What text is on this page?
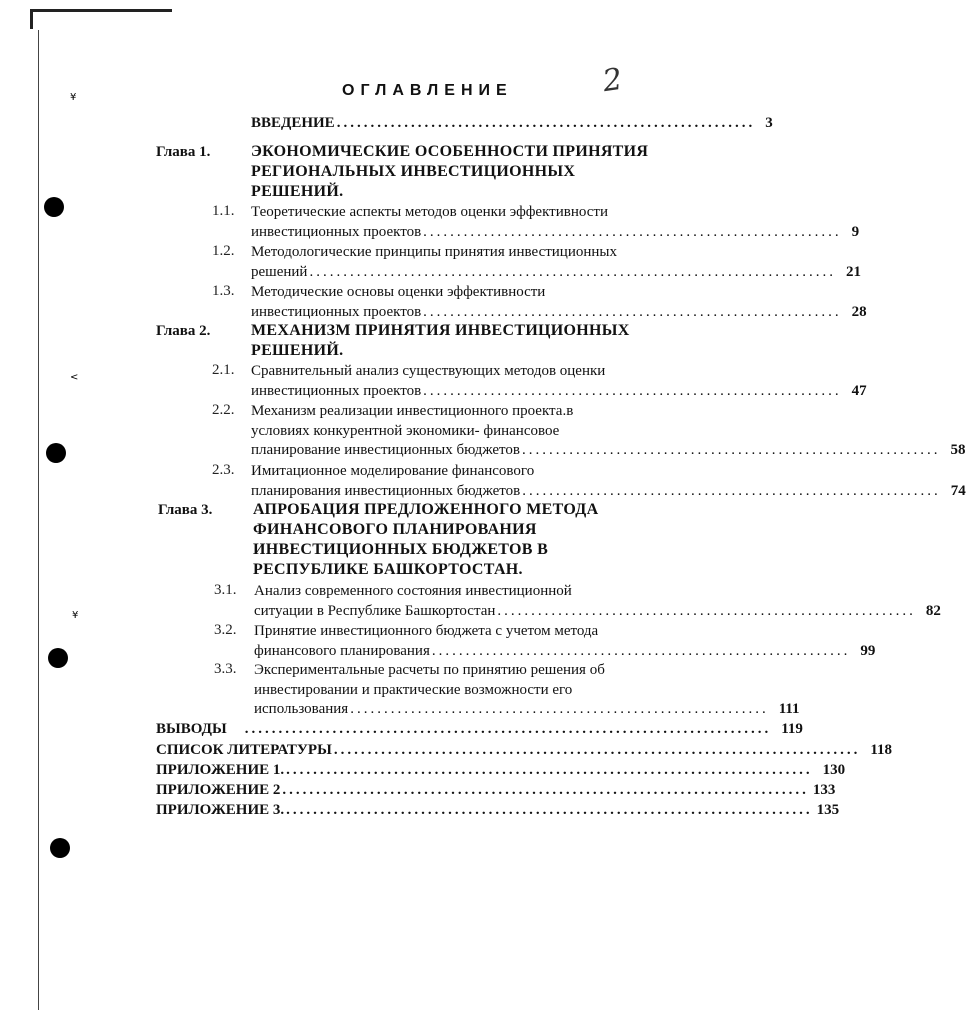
¥
<
¥
2
ОГЛАВЛЕНИЕ
ВВЕДЕНИЕ .............................................................. 3
Глава 1.	ЭКОНОМИЧЕСКИЕ ОСОБЕННОСТИ ПРИНЯТИЯ
РЕГИОНАЛЬНЫХ ИНВЕСТИЦИОННЫХ
РЕШЕНИЙ.
1.1. Теоретические аспекты методов оценки эффективности
инвестиционных проектов .............................................................. 9
1.2. Методологические принципы принятия инвестиционных
решений .............................................................................. 21
1.3. Методические основы оценки эффективности
инвестиционных проектов .............................................................. 28
Глава 2.	МЕХАНИЗМ ПРИНЯТИЯ ИНВЕСТИЦИОННЫХ
РЕШЕНИЙ.
2.1. Сравнительный анализ существующих методов оценки
инвестиционных проектов .............................................................. 47
2.2. Механизм реализации инвестиционного проекта.в
условиях конкурентной экономики- финансовое
планирование инвестиционных бюджетов .............................................................. 58
2.3. Имитационное моделирование финансового
планирования инвестиционных бюджетов .............................................................. 74
Глава 3.	АПРОБАЦИЯ ПРЕДЛОЖЕННОГО МЕТОДА
ФИНАНСОВОГО ПЛАНИРОВАНИЯ
ИНВЕСТИЦИОННЫХ БЮДЖЕТОВ В
РЕСПУБЛИКЕ БАШКОРТОСТАН.
3.1. Анализ современного состояния инвестиционной
ситуации в Республике Башкортостан .............................................................. 82
3.2. Принятие инвестиционного бюджета с учетом метода
финансового планирования .............................................................. 99
3.3. Экспериментальные расчеты по принятию решения об
инвестировании и практические возможности его
использования .............................................................. 111
ВЫВОДЫ	.............................................................................. 119
СПИСОК ЛИТЕРАТУРЫ .............................................................................. 118
ПРИЛОЖЕНИЕ 1. .............................................................................. 130
ПРИЛОЖЕНИЕ 2 .............................................................................. 133
ПРИЛОЖЕНИЕ 3. .............................................................................. 135
